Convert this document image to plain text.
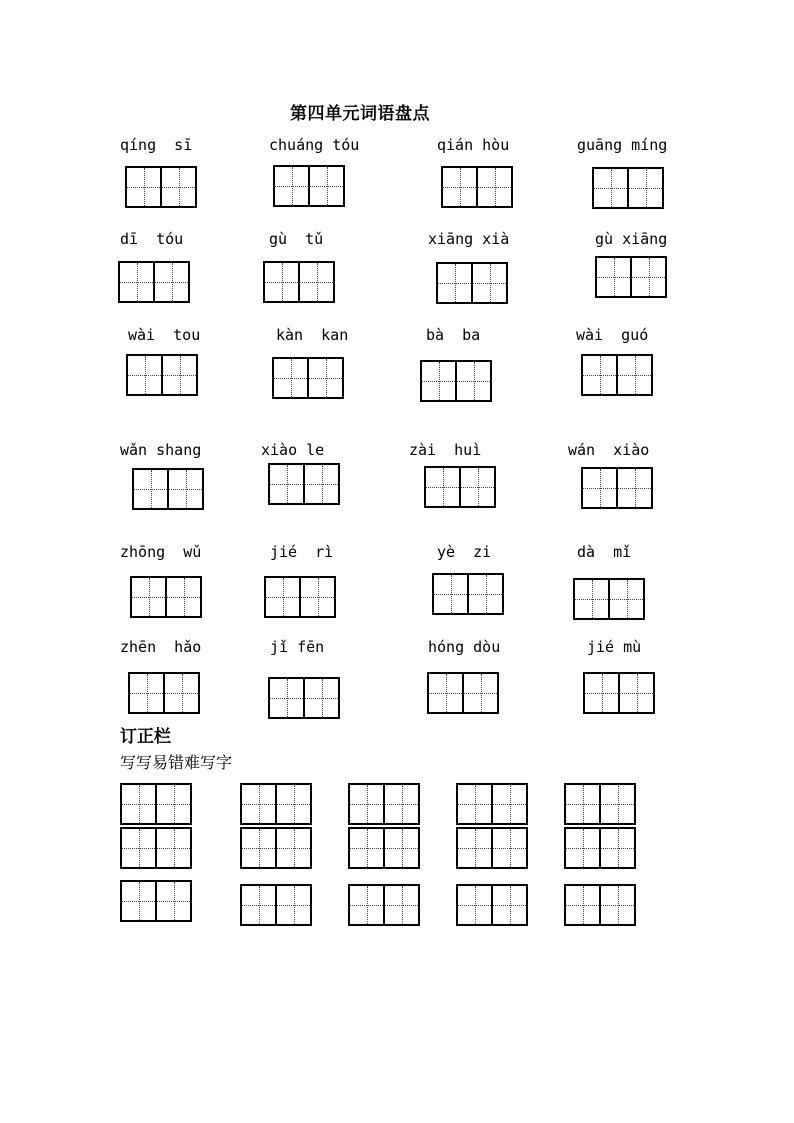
第四单元词语盘点
qíng  sī	chuáng tóu	qián hòu	guāng míng
dī  tóu	gù  tǔ	xiāng xià	gù xiāng
wài  tou	kàn  kan	bà  ba	wài  guó
wǎn shang	xiào le	zài  huì	wán  xiào
zhōng  wǔ	jié  rì	yè  zi	dà  mǐ
zhēn  hǎo	jǐ fēn	hóng dòu	jié mù
订正栏
写写易错难写字
